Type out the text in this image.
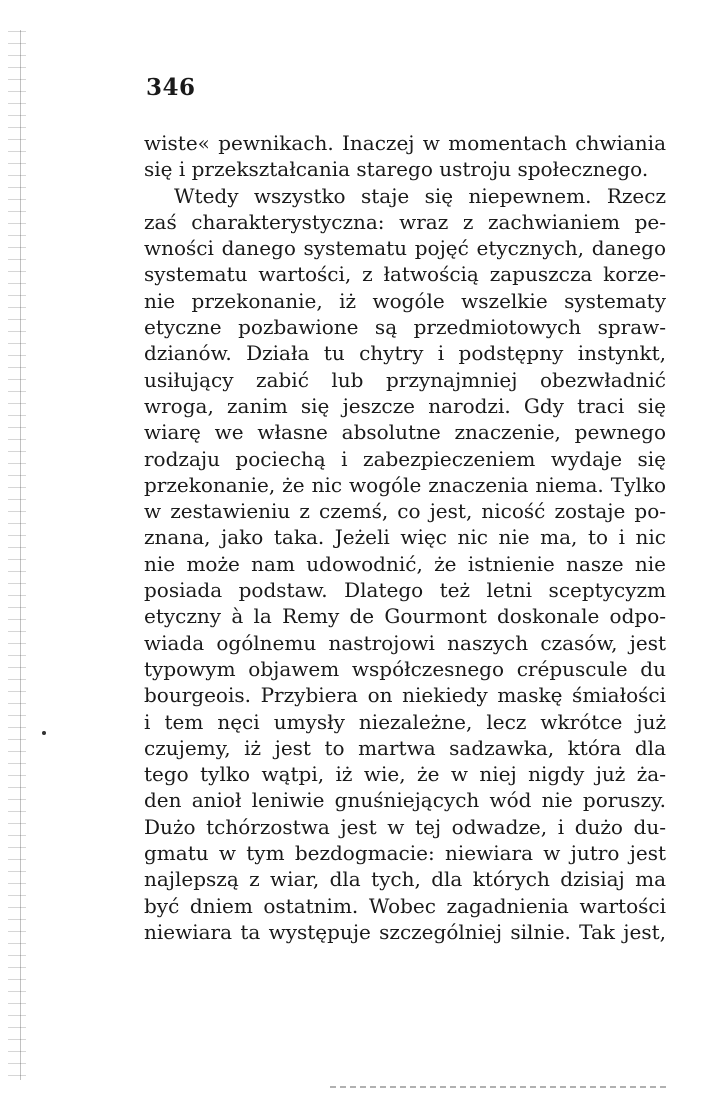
346
wiste« pewnikach. Inaczej w momentach chwiania
się i przekształcania starego ustroju społecznego.
Wtedy wszystko staje się niepewnem. Rzecz
zaś charakterystyczna: wraz z zachwianiem pe-
wności danego systematu pojęć etycznych, danego
systematu wartości, z łatwością zapuszcza korze-
nie przekonanie, iż wogóle wszelkie systematy
etyczne pozbawione są przedmiotowych spraw-
dzianów. Działa tu chytry i podstępny instynkt,
usiłujący zabić lub przynajmniej obezwładnić
wroga, zanim się jeszcze narodzi. Gdy traci się
wiarę we własne absolutne znaczenie, pewnego
rodzaju pociechą i zabezpieczeniem wydaje się
przekonanie, że nic wogóle znaczenia niema. Tylko
w zestawieniu z czemś, co jest, nicość zostaje po-
znana, jako taka. Jeżeli więc nic nie ma, to i nic
nie może nam udowodnić, że istnienie nasze nie
posiada podstaw. Dlatego też letni sceptycyzm
etyczny à la Remy de Gourmont doskonale odpo-
wiada ogólnemu nastrojowi naszych czasów, jest
typowym objawem współczesnego crépuscule du
bourgeois. Przybiera on niekiedy maskę śmiałości
i tem nęci umysły niezależne, lecz wkrótce już
czujemy, iż jest to martwa sadzawka, która dla
tego tylko wątpi, iż wie, że w niej nigdy już ża-
den anioł leniwie gnuśniejących wód nie poruszy.
Dużo tchórzostwa jest w tej odwadze, i dużo du-
gmatu w tym bezdogmacie: niewiara w jutro jest
najlepszą z wiar, dla tych, dla których dzisiaj ma
być dniem ostatnim. Wobec zagadnienia wartości
niewiara ta występuje szczególniej silnie. Tak jest,
